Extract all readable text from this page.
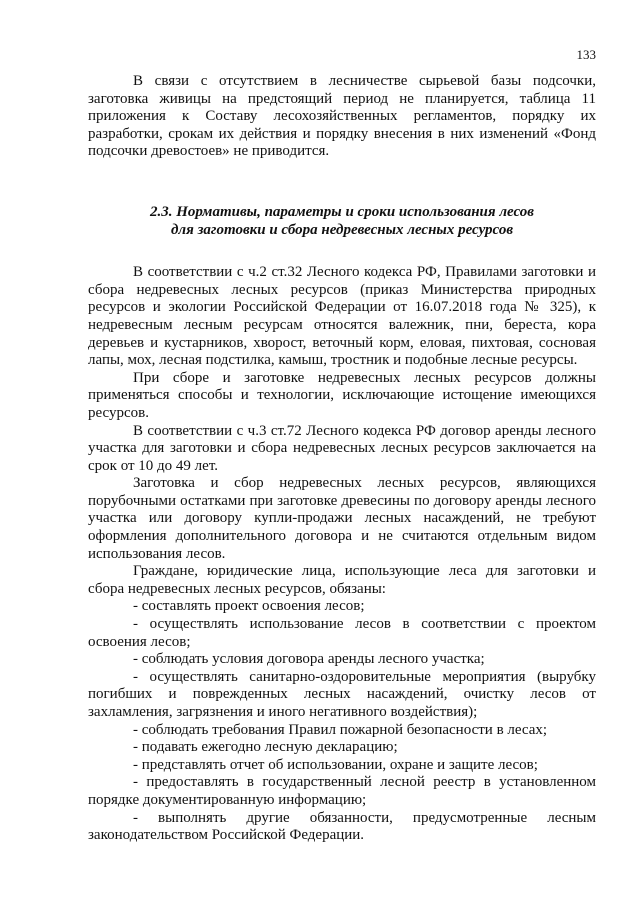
133

В связи с отсутствием в лесничестве сырьевой базы подсочки, заготовка живицы на предстоящий период не планируется, таблица 11 приложения к Составу лесохозяйственных регламентов, порядку их разработки, срокам их действия и порядку внесения в них изменений «Фонд подсочки древостоев» не приводится.

2.3. Нормативы, параметры и сроки использования лесов
для заготовки и сбора недревесных лесных ресурсов

В соответствии с ч.2 ст.32 Лесного кодекса РФ, Правилами заготовки и сбора недревесных лесных ресурсов (приказ Министерства природных ресурсов и экологии Российской Федерации от 16.07.2018 года № 325), к недревесным лесным ресурсам относятся валежник, пни, береста, кора деревьев и кустарников, хворост, веточный корм, еловая, пихтовая, сосновая лапы, мох, лесная подстилка, камыш, тростник и подобные лесные ресурсы.

При сборе и заготовке недревесных лесных ресурсов должны применяться способы и технологии, исключающие истощение имеющихся ресурсов.

В соответствии с ч.3 ст.72 Лесного кодекса РФ договор аренды лесного участка для заготовки и сбора недревесных лесных ресурсов заключается на срок от 10 до 49 лет.

Заготовка и сбор недревесных лесных ресурсов, являющихся порубочными остатками при заготовке древесины по договору аренды лесного участка или договору купли-продажи лесных насаждений, не требуют оформления дополнительного договора и не считаются отдельным видом использования лесов.

Граждане, юридические лица, использующие леса для заготовки и сбора недревесных лесных ресурсов, обязаны:

- составлять проект освоения лесов;
- осуществлять использование лесов в соответствии с проектом освоения лесов;
- соблюдать условия договора аренды лесного участка;
- осуществлять санитарно-оздоровительные мероприятия (вырубку погибших и поврежденных лесных насаждений, очистку лесов от захламления, загрязнения и иного негативного воздействия);
- соблюдать требования Правил пожарной безопасности в лесах;
- подавать ежегодно лесную декларацию;
- представлять отчет об использовании, охране и защите лесов;
- предоставлять в государственный лесной реестр в установленном порядке документированную информацию;
- выполнять другие обязанности, предусмотренные лесным законодательством Российской Федерации.
